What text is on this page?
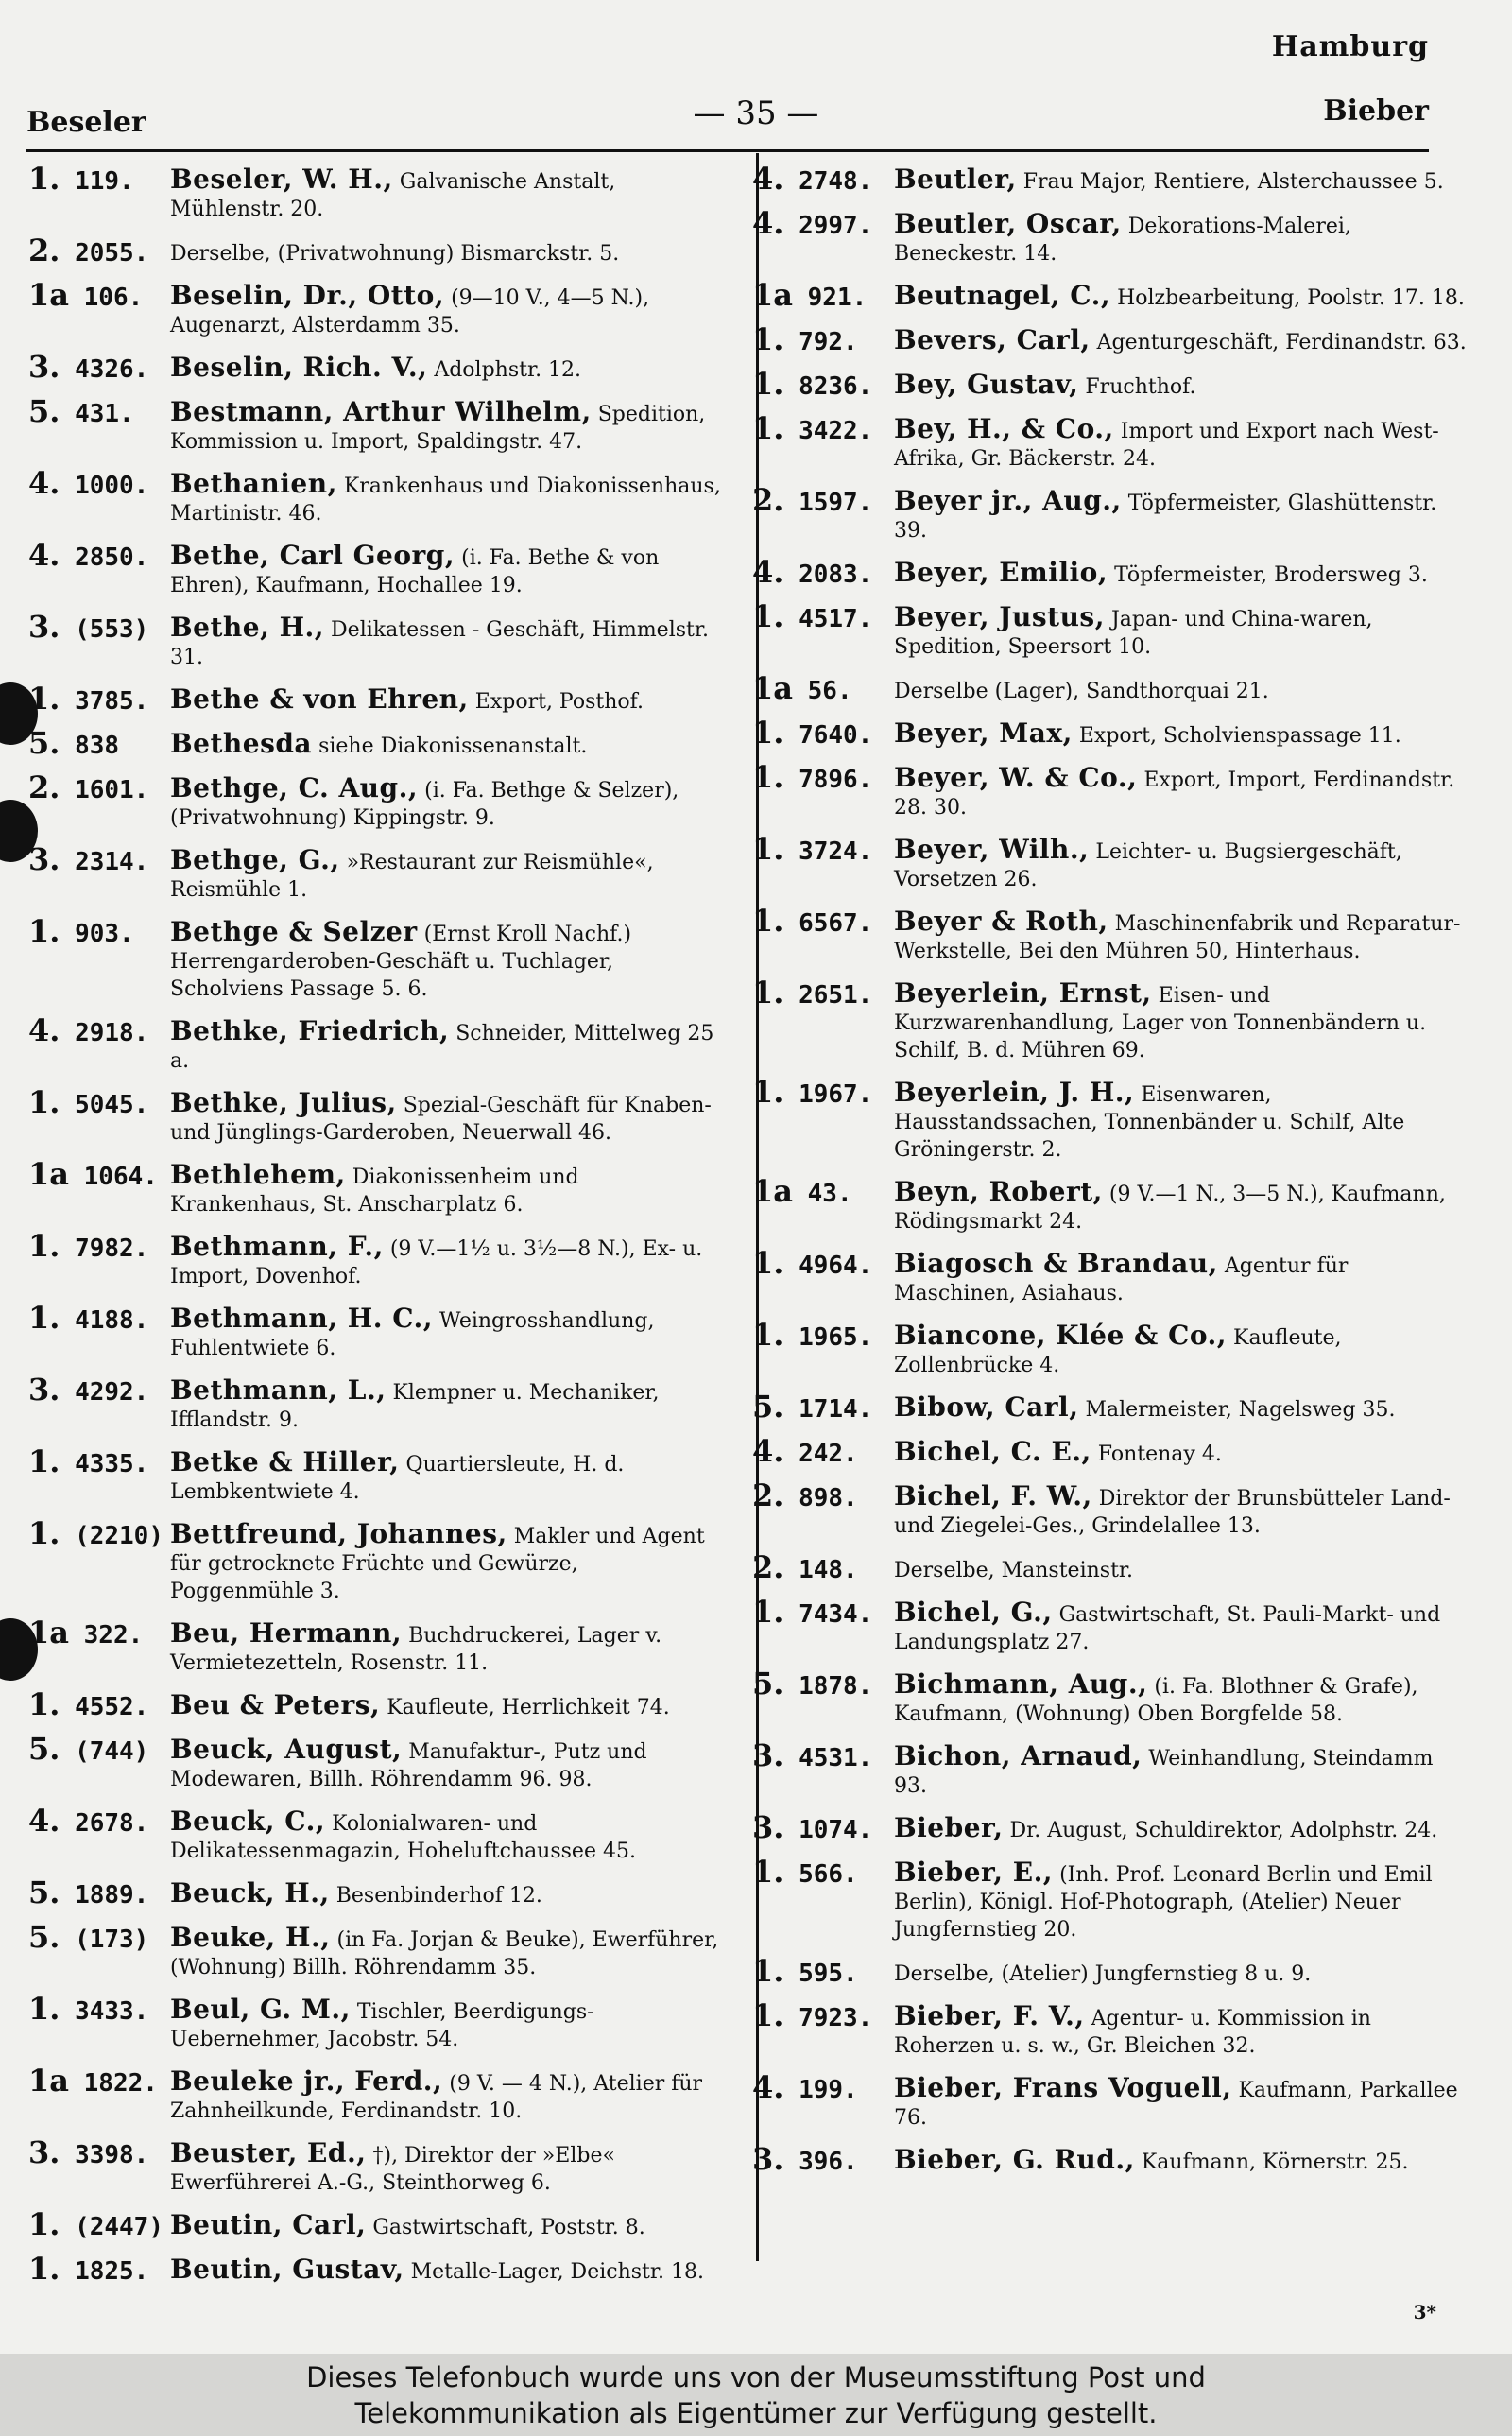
Hamburg
Beseler	— 35 —	Bieber
1. 119. Beseler, W. H., Galvanische Anstalt, Mühlenstr. 20.
2. 2055. Derselbe, (Privatwohnung) Bismarckstr. 5.
1a 106. Beselin, Dr., Otto, (9—10 V., 4—5 N.), Augenarzt, Alsterdamm 35.
3. 4326. Beselin, Rich. V., Adolphstr. 12.
5. 431. Bestmann, Arthur Wilhelm, Spedition, Kommission u. Import, Spaldingstr. 47.
4. 1000. Bethanien, Krankenhaus und Diakonissenhaus, Martinistr. 46.
4. 2850. Bethe, Carl Georg, (i. Fa. Bethe & von Ehren), Kaufmann, Hochallee 19.
3. (553) Bethe, H., Delikatessen - Geschäft, Himmelstr. 31.
1. 3785. Bethe & von Ehren, Export, Posthof.
5. 838 Bethesda siehe Diakonissenanstalt.
2. 1601. Bethge, C. Aug., (i. Fa. Bethge & Selzer), (Privatwohnung) Kippingstr. 9.
3. 2314. Bethge, G., »Restaurant zur Reismühle«, Reismühle 1.
1. 903. Bethge & Selzer (Ernst Kroll Nachf.) Herrengarderoben-Geschäft u. Tuchlager, Scholviens Passage 5. 6.
4. 2918. Bethke, Friedrich, Schneider, Mittelweg 25 a.
1. 5045. Bethke, Julius, Spezial-Geschäft für Knaben- und Jünglings-Garderoben, Neuerwall 46.
1a 1064. Bethlehem, Diakonissenheim und Krankenhaus, St. Anscharplatz 6.
1. 7982. Bethmann, F., (9 V.—1½ u. 3½—8 N.), Ex- u. Import, Dovenhof.
1. 4188. Bethmann, H. C., Weingrosshandlung, Fuhlentwiete 6.
3. 4292. Bethmann, L., Klempner u. Mechaniker, Ifflandstr. 9.
1. 4335. Betke & Hiller, Quartiersleute, H. d. Lembkentwiete 4.
1. (2210) Bettfreund, Johannes, Makler und Agent für getrocknete Früchte und Gewürze, Poggenmühle 3.
1a 322. Beu, Hermann, Buchdruckerei, Lager v. Vermietezetteln, Rosenstr. 11.
1. 4552. Beu & Peters, Kaufleute, Herrlichkeit 74.
5. (744) Beuck, August, Manufaktur-, Putz und Modewaren, Billh. Röhrendamm 96. 98.
4. 2678. Beuck, C., Kolonialwaren- und Delikatessenmagazin, Hoheluftchaussee 45.
5. 1889. Beuck, H., Besenbinderhof 12.
5. (173) Beuke, H., (in Fa. Jorjan & Beuke), Ewerführer, (Wohnung) Billh. Röhrendamm 35.
1. 3433. Beul, G. M., Tischler, Beerdigungs-Uebernehmer, Jacobstr. 54.
1a 1822. Beuleke jr., Ferd., (9 V. — 4 N.), Atelier für Zahnheilkunde, Ferdinandstr. 10.
3. 3398. Beuster, Ed., †), Direktor der »Elbe« Ewerführerei A.-G., Steinthorweg 6.
1. (2447) Beutin, Carl, Gastwirtschaft, Poststr. 8.
1. 1825. Beutin, Gustav, Metalle-Lager, Deichstr. 18.
4. 2748. Beutler, Frau Major, Rentiere, Alsterchaussee 5.
4. 2997. Beutler, Oscar, Dekorations-Malerei, Beneckestr. 14.
1a 921. Beutnagel, C., Holzbearbeitung, Poolstr. 17. 18.
1. 792. Bevers, Carl, Agenturgeschäft, Ferdinandstr. 63.
1. 8236. Bey, Gustav, Fruchthof.
1. 3422. Bey, H., & Co., Import und Export nach West-Afrika, Gr. Bäckerstr. 24.
2. 1597. Beyer jr., Aug., Töpfermeister, Glashüttenstr. 39.
4. 2083. Beyer, Emilio, Töpfermeister, Brodersweg 3.
1. 4517. Beyer, Justus, Japan- und China-waren, Spedition, Speersort 10.
1a 56. Derselbe (Lager), Sandthorquai 21.
1. 7640. Beyer, Max, Export, Scholvienspassage 11.
1. 7896. Beyer, W. & Co., Export, Import, Ferdinandstr. 28. 30.
1. 3724. Beyer, Wilh., Leichter- u. Bugsiergeschäft, Vorsetzen 26.
1. 6567. Beyer & Roth, Maschinenfabrik und Reparatur-Werkstelle, Bei den Mühren 50, Hinterhaus.
1. 2651. Beyerlein, Ernst, Eisen- und Kurzwarenhandlung, Lager von Tonnenbändern u. Schilf, B. d. Mühren 69.
1. 1967. Beyerlein, J. H., Eisenwaren, Hausstandssachen, Tonnenbänder u. Schilf, Alte Gröningerstr. 2.
1a 43. Beyn, Robert, (9 V.—1 N., 3—5 N.), Kaufmann, Rödingsmarkt 24.
1. 4964. Biagosch & Brandau, Agentur für Maschinen, Asiahaus.
1. 1965. Biancone, Klée & Co., Kaufleute, Zollenbrücke 4.
5. 1714. Bibow, Carl, Malermeister, Nagelsweg 35.
4. 242. Bichel, C. E., Fontenay 4.
2. 898. Bichel, F. W., Direktor der Brunsbütteler Land- und Ziegelei-Ges., Grindelallee 13.
2. 148. Derselbe, Mansteinstr.
1. 7434. Bichel, G., Gastwirtschaft, St. Pauli-Markt- und Landungsplatz 27.
5. 1878. Bichmann, Aug., (i. Fa. Blothner & Grafe), Kaufmann, (Wohnung) Oben Borgfelde 58.
3. 4531. Bichon, Arnaud, Weinhandlung, Steindamm 93.
3. 1074. Bieber, Dr. August, Schuldirektor, Adolphstr. 24.
1. 566. Bieber, E., (Inh. Prof. Leonard Berlin und Emil Berlin), Königl. Hof-Photograph, (Atelier) Neuer Jungfernstieg 20.
1. 595. Derselbe, (Atelier) Jungfernstieg 8 u. 9.
1. 7923. Bieber, F. V., Agentur- u. Kommission in Roherzen u. s. w., Gr. Bleichen 32.
4. 199. Bieber, Frans Voguell, Kaufmann, Parkallee 76.
3. 396. Bieber, G. Rud., Kaufmann, Körnerstr. 25.
3*
Dieses Telefonbuch wurde uns von der Museumsstiftung Post und
Telekommunikation als Eigentümer zur Verfügung gestellt.
